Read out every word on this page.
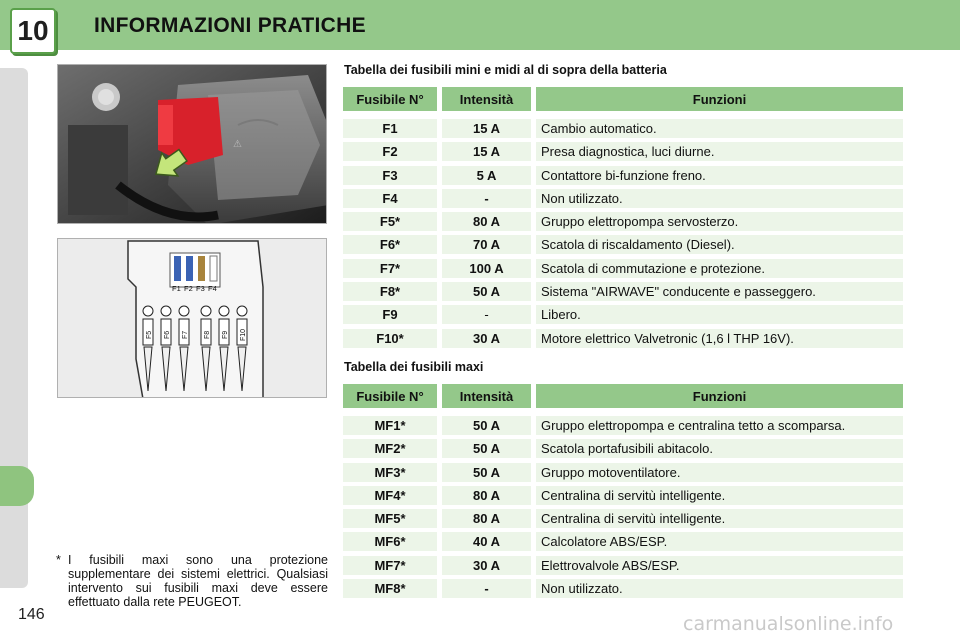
10 INFORMAZIONI PRATICHE
⚠
F1 F2 F3 F4
F5 F6 F7 F8 F9 F10
* I fusibili maxi sono una protezione supplementare dei sistemi elettrici. Qualsiasi intervento sui fusibili maxi deve essere effettuato dalla rete PEUGEOT.
146	carmanualsonline.info
Tabella dei fusibili mini e midi al di sopra della batteria
Fusibile N°	Intensità	Funzioni
F1	15 A	Cambio automatico.
F2	15 A	Presa diagnostica, luci diurne.
F3	5 A	Contattore bi-funzione freno.
F4	-	Non utilizzato.
F5*	80 A	Gruppo elettropompa servosterzo.
F6*	70 A	Scatola di riscaldamento (Diesel).
F7*	100 A	Scatola di commutazione e protezione.
F8*	50 A	Sistema "AIRWAVE" conducente e passeggero.
F9	-	Libero.
F10*	30 A	Motore elettrico Valvetronic (1,6 l THP 16V).
Tabella dei fusibili maxi
Fusibile N°	Intensità	Funzioni
MF1*	50 A	Gruppo elettropompa e centralina tetto a scomparsa.
MF2*	50 A	Scatola portafusibili abitacolo.
MF3*	50 A	Gruppo motoventilatore.
MF4*	80 A	Centralina di servitù intelligente.
MF5*	80 A	Centralina di servitù intelligente.
MF6*	40 A	Calcolatore ABS/ESP.
MF7*	30 A	Elettrovalvole ABS/ESP.
MF8*	-	Non utilizzato.
